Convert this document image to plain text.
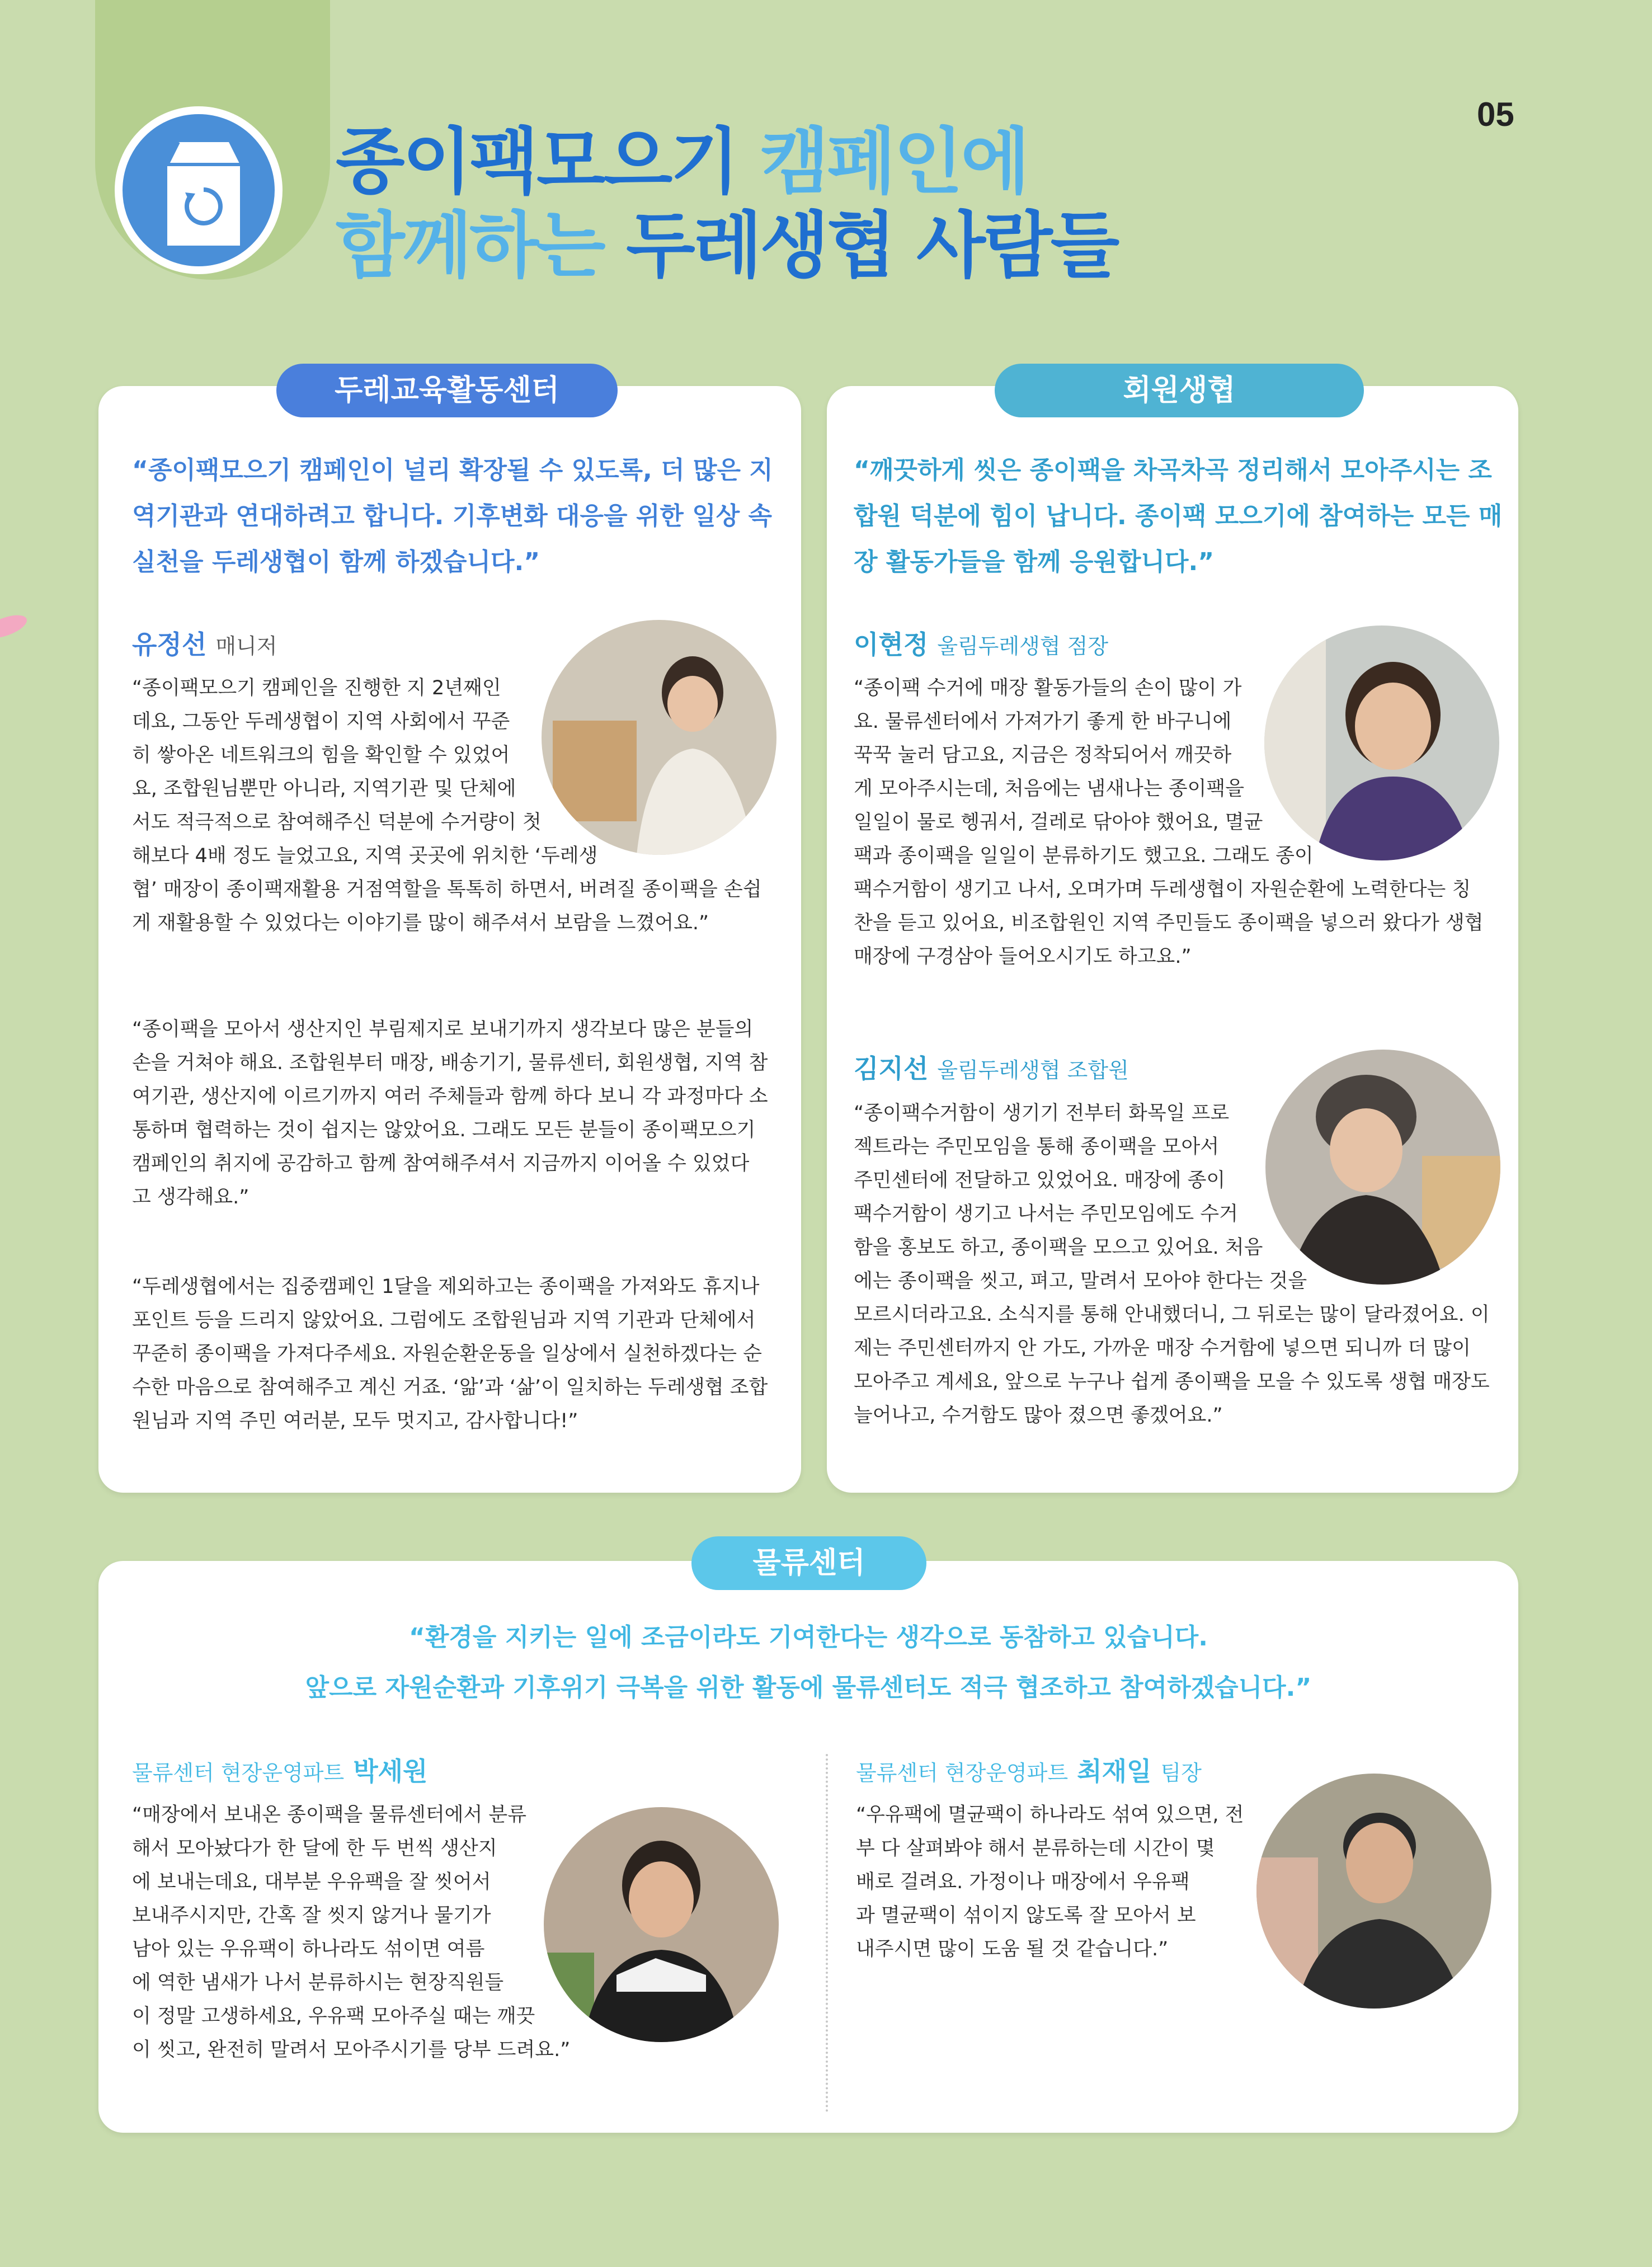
05
종이팩모으기 캠페인에
함께하는 두레생협 사람들
두레교육활동센터
“종이팩모으기 캠페인이 널리 확장될 수 있도록, 더 많은 지역기관과 연대하려고 합니다. 기후변화 대응을 위한 일상 속 실천을 두레생협이 함께 하겠습니다.”
유정선 매니저
“종이팩모으기 캠페인을 진행한 지 2년째인
데요, 그동안 두레생협이 지역 사회에서 꾸준
히 쌓아온 네트워크의 힘을 확인할 수 있었어
요, 조합원님뿐만 아니라, 지역기관 및 단체에
서도 적극적으로 참여해주신 덕분에 수거량이 첫
해보다 4배 정도 늘었고요, 지역 곳곳에 위치한 ‘두레생
협’ 매장이 종이팩재활용 거점역할을 톡톡히 하면서, 버려질 종이팩을 손쉽
게 재활용할 수 있었다는 이야기를 많이 해주셔서 보람을 느꼈어요.”
“종이팩을 모아서 생산지인 부림제지로 보내기까지 생각보다 많은 분들의
손을 거쳐야 해요. 조합원부터 매장, 배송기기, 물류센터, 회원생협, 지역 참
여기관, 생산지에 이르기까지 여러 주체들과 함께 하다 보니 각 과정마다 소
통하며 협력하는 것이 쉽지는 않았어요. 그래도 모든 분들이 종이팩모으기
캠페인의 취지에 공감하고 함께 참여해주셔서 지금까지 이어올 수 있었다
고 생각해요.”
“두레생협에서는 집중캠페인 1달을 제외하고는 종이팩을 가져와도 휴지나
포인트 등을 드리지 않았어요. 그럼에도 조합원님과 지역 기관과 단체에서
꾸준히 종이팩을 가져다주세요. 자원순환운동을 일상에서 실천하겠다는 순
수한 마음으로 참여해주고 계신 거죠. ‘앎’과 ‘삶’이 일치하는 두레생협 조합
원님과 지역 주민 여러분, 모두 멋지고, 감사합니다!”
회원생협
“깨끗하게 씻은 종이팩을 차곡차곡 정리해서 모아주시는 조합원 덕분에 힘이 납니다. 종이팩 모으기에 참여하는 모든 매장 활동가들을 함께 응원합니다.”
이현정 울림두레생협 점장
“종이팩 수거에 매장 활동가들의 손이 많이 가
요. 물류센터에서 가져가기 좋게 한 바구니에
꾹꾹 눌러 담고요, 지금은 정착되어서 깨끗하
게 모아주시는데, 처음에는 냄새나는 종이팩을
일일이 물로 헹궈서, 걸레로 닦아야 했어요, 멸균
팩과 종이팩을 일일이 분류하기도 했고요. 그래도 종이
팩수거함이 생기고 나서, 오며가며 두레생협이 자원순환에 노력한다는 칭
찬을 듣고 있어요, 비조합원인 지역 주민들도 종이팩을 넣으러 왔다가 생협
매장에 구경삼아 들어오시기도 하고요.”
김지선 울림두레생협 조합원
“종이팩수거함이 생기기 전부터 화목일 프로
젝트라는 주민모임을 통해 종이팩을 모아서
주민센터에 전달하고 있었어요. 매장에 종이
팩수거함이 생기고 나서는 주민모임에도 수거
함을 홍보도 하고, 종이팩을 모으고 있어요. 처음
에는 종이팩을 씻고, 펴고, 말려서 모아야 한다는 것을
모르시더라고요. 소식지를 통해 안내했더니, 그 뒤로는 많이 달라졌어요. 이
제는 주민센터까지 안 가도, 가까운 매장 수거함에 넣으면 되니까 더 많이
모아주고 계세요, 앞으로 누구나 쉽게 종이팩을 모을 수 있도록 생협 매장도
늘어나고, 수거함도 많아 졌으면 좋겠어요.”
물류센터
“환경을 지키는 일에 조금이라도 기여한다는 생각으로 동참하고 있습니다.
앞으로 자원순환과 기후위기 극복을 위한 활동에 물류센터도 적극 협조하고 참여하겠습니다.”
물류센터 현장운영파트 박세원
“매장에서 보내온 종이팩을 물류센터에서 분류
해서 모아놨다가 한 달에 한 두 번씩 생산지
에 보내는데요, 대부분 우유팩을 잘 씻어서
보내주시지만, 간혹 잘 씻지 않거나 물기가
남아 있는 우유팩이 하나라도 섞이면 여름
에 역한 냄새가 나서 분류하시는 현장직원들
이 정말 고생하세요, 우유팩 모아주실 때는 깨끗
이 씻고, 완전히 말려서 모아주시기를 당부 드려요.”
물류센터 현장운영파트 최재일 팀장
“우유팩에 멸균팩이 하나라도 섞여 있으면, 전
부 다 살펴봐야 해서 분류하는데 시간이 몇
배로 걸려요. 가정이나 매장에서 우유팩
과 멸균팩이 섞이지 않도록 잘 모아서 보
내주시면 많이 도움 될 것 같습니다.”
